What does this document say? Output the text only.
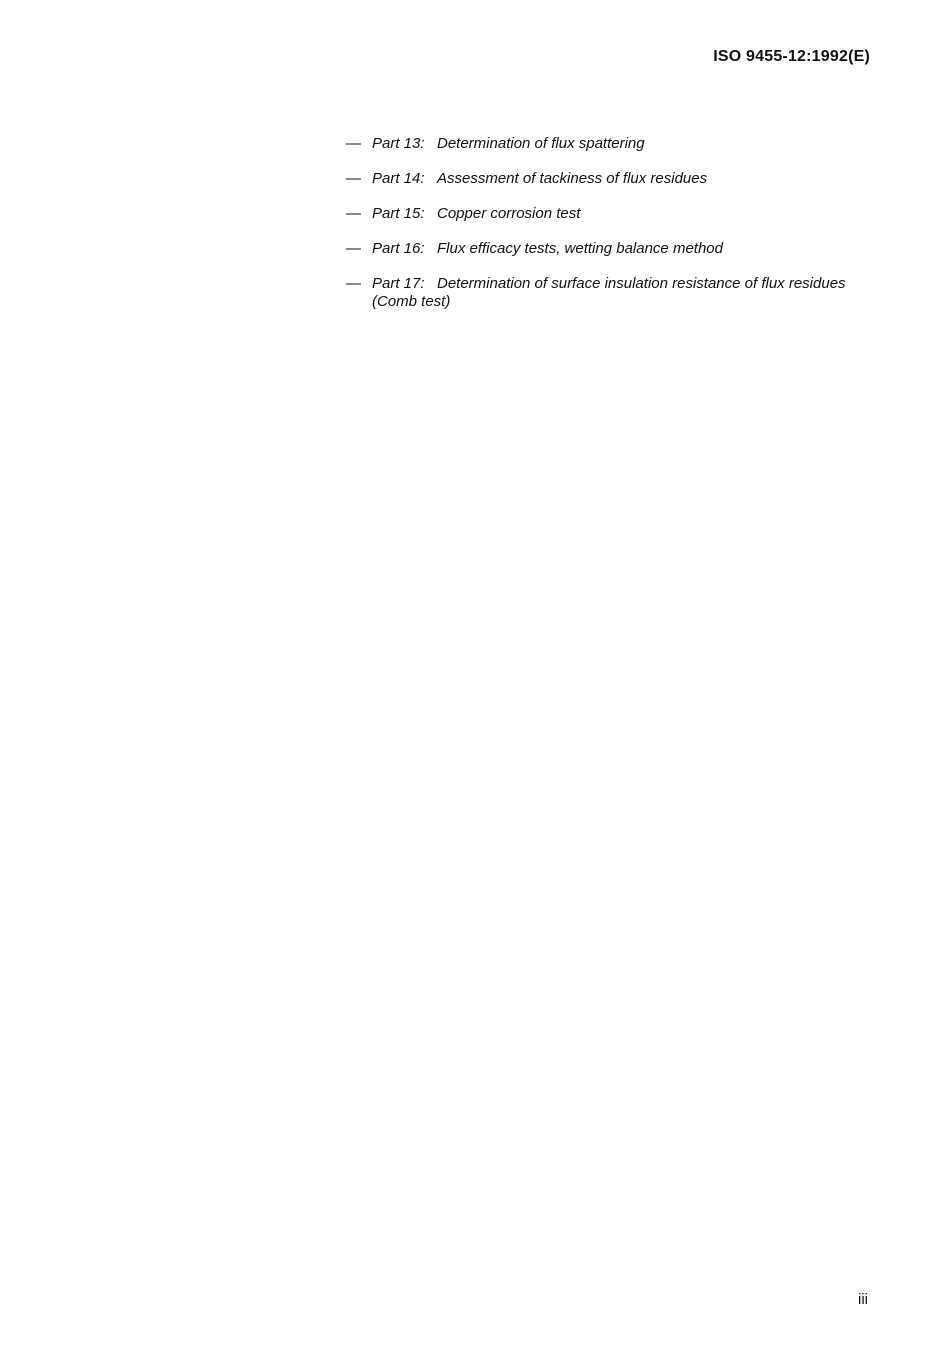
ISO 9455-12:1992(E)
— Part 13: Determination of flux spattering
— Part 14: Assessment of tackiness of flux residues
— Part 15: Copper corrosion test
— Part 16: Flux efficacy tests, wetting balance method
— Part 17: Determination of surface insulation resistance of flux residues (Comb test)
iii
